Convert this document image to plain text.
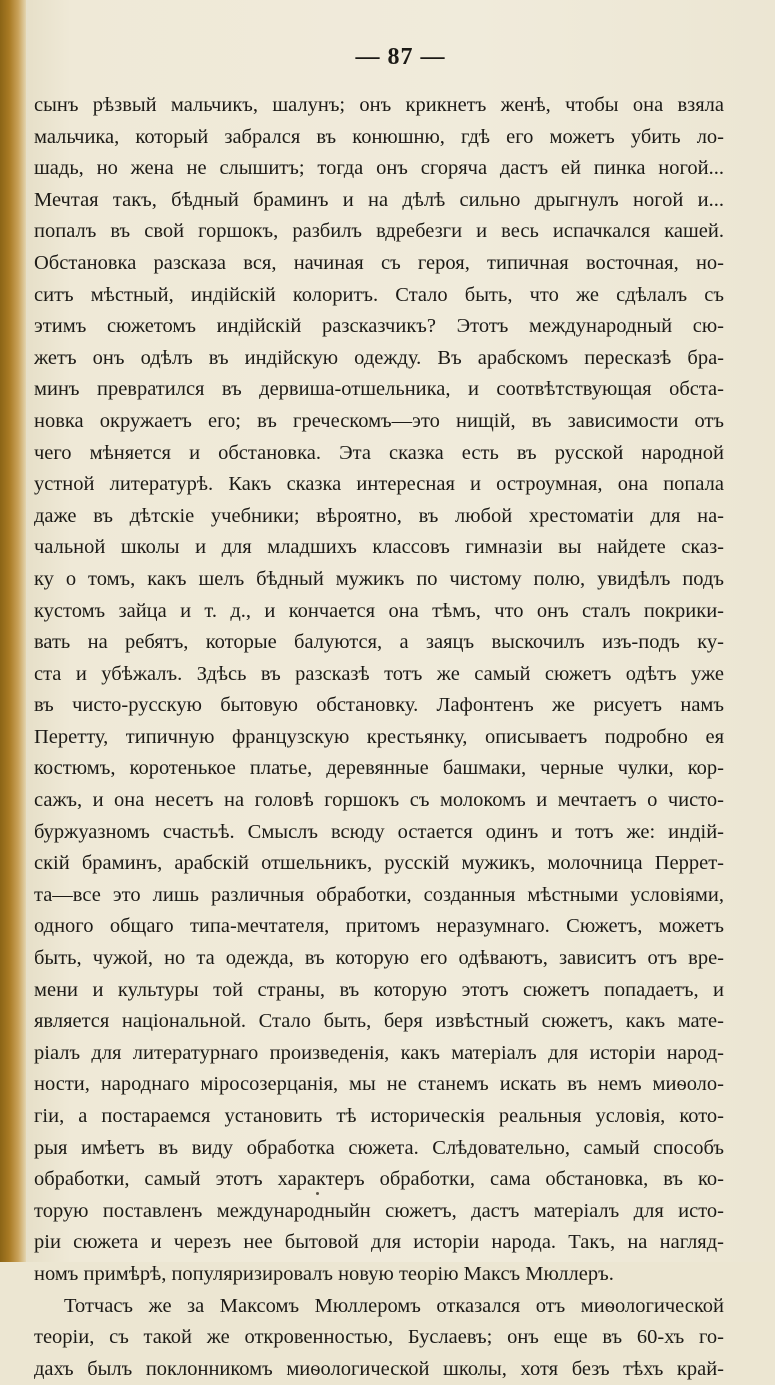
— 87 —
сынъ рѣзвый мальчикъ, шалунъ; онъ крикнетъ женѣ, чтобы она взяла
мальчика, который забрался въ конюшню, гдѣ его можетъ убить ло-
шадь, но жена не слышитъ; тогда онъ сгоряча дастъ ей пинка ногой...
Мечтая такъ, бѣдный браминъ и на дѣлѣ сильно дрыгнулъ ногой и...
попалъ въ свой горшокъ, разбилъ вдребезги и весь испачкался кашей.
Обстановка разсказа вся, начиная съ героя, типичная восточная, но-
ситъ мѣстный, индійскій колоритъ. Стало быть, что же сдѣлалъ съ
этимъ сюжетомъ индійскій разсказчикъ? Этотъ международный сю-
жетъ онъ одѣлъ въ индійскую одежду. Въ арабскомъ пересказѣ бра-
минъ превратился въ дервиша-отшельника, и соотвѣтствующая обста-
новка окружаетъ его; въ греческомъ—это нищій, въ зависимости отъ
чего мѣняется и обстановка. Эта сказка есть въ русской народной
устной литературѣ. Какъ сказка интересная и остроумная, она попала
даже въ дѣтскіе учебники; вѣроятно, въ любой хрестоматіи для на-
чальной школы и для младшихъ классовъ гимназіи вы найдете сказ-
ку о томъ, какъ шелъ бѣдный мужикъ по чистому полю, увидѣлъ подъ
кустомъ зайца и т. д., и кончается она тѣмъ, что онъ сталъ покрики-
вать на ребятъ, которые балуются, а заяцъ выскочилъ изъ-подъ ку-
ста и убѣжалъ. Здѣсь въ разсказѣ тотъ же самый сюжетъ одѣтъ уже
въ чисто-русскую бытовую обстановку. Лафонтенъ же рисуетъ намъ
Перетту, типичную французскую крестьянку, описываетъ подробно ея
костюмъ, коротенькое платье, деревянные башмаки, черные чулки, кор-
сажъ, и она несетъ на головѣ горшокъ съ молокомъ и мечтаетъ о чисто-
буржуазномъ счастьѣ. Смыслъ всюду остается одинъ и тотъ же: индій-
скій браминъ, арабскій отшельникъ, русскій мужикъ, молочница Перрет-
та—все это лишь различныя обработки, созданныя мѣстными условіями,
одного общаго типа-мечтателя, притомъ неразумнаго. Сюжетъ, можетъ
быть, чужой, но та одежда, въ которую его одѣваютъ, зависитъ отъ вре-
мени и культуры той страны, въ которую этотъ сюжетъ попадаетъ, и
является національной. Стало быть, беря извѣстный сюжетъ, какъ мате-
ріалъ для литературнаго произведенія, какъ матеріалъ для исторіи народ-
ности, народнаго міросозерцанія, мы не станемъ искать въ немъ миѳоло-
гіи, а постараемся установить тѣ историческія реальныя условія, кото-
рыя имѣетъ въ виду обработка сюжета. Слѣдовательно, самый способъ
обработки, самый этотъ характеръ обработки, сама обстановка, въ ко-
торую поставленъ международныйн сюжетъ, дастъ матеріалъ для исто-
ріи сюжета и черезъ нее бытовой для исторіи народа. Такъ, на нагляд-
номъ примѣрѣ, популяризировалъ новую теорію Максъ Мюллеръ.
Тотчасъ же за Максомъ Мюллеромъ отказался отъ миѳологической
теоріи, съ такой же откровенностью, Буслаевъ; онъ еще въ 60-хъ го-
дахъ былъ поклонникомъ миѳологической школы, хотя безъ тѣхъ край-
